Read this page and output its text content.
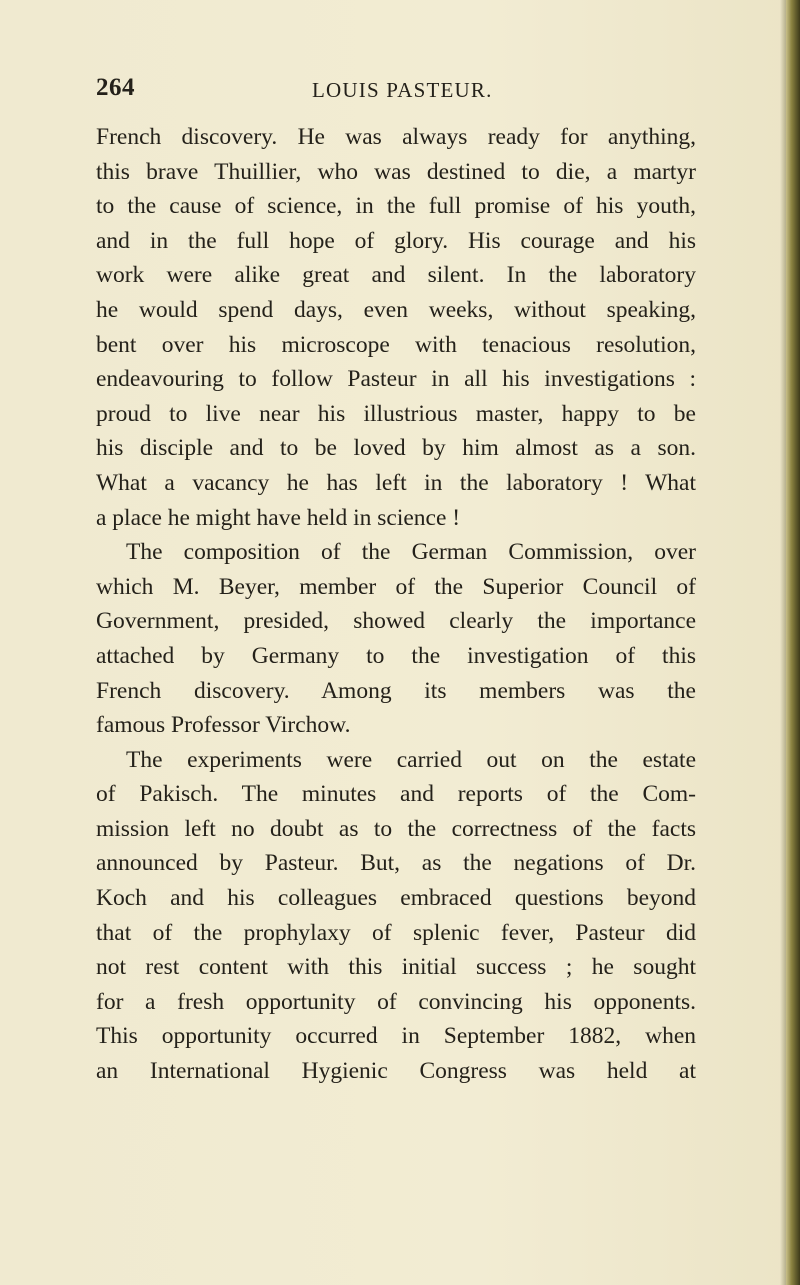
264	LOUIS PASTEUR.
French discovery. He was always ready for anything,
this brave Thuillier, who was destined to die, a martyr
to the cause of science, in the full promise of his youth,
and in the full hope of glory. His courage and his
work were alike great and silent. In the laboratory
he would spend days, even weeks, without speaking,
bent over his microscope with tenacious resolution,
endeavouring to follow Pasteur in all his investigations :
proud to live near his illustrious master, happy to be
his disciple and to be loved by him almost as a son.
What a vacancy he has left in the laboratory ! What
a place he might have held in science !
The composition of the German Commission, over
which M. Beyer, member of the Superior Council of
Government, presided, showed clearly the importance
attached by Germany to the investigation of this
French discovery. Among its members was the
famous Professor Virchow.
The experiments were carried out on the estate
of Pakisch. The minutes and reports of the Com-
mission left no doubt as to the correctness of the facts
announced by Pasteur. But, as the negations of Dr.
Koch and his colleagues embraced questions beyond
that of the prophylaxy of splenic fever, Pasteur did
not rest content with this initial success ; he sought
for a fresh opportunity of convincing his opponents.
This opportunity occurred in September 1882, when
an International Hygienic Congress was held at
